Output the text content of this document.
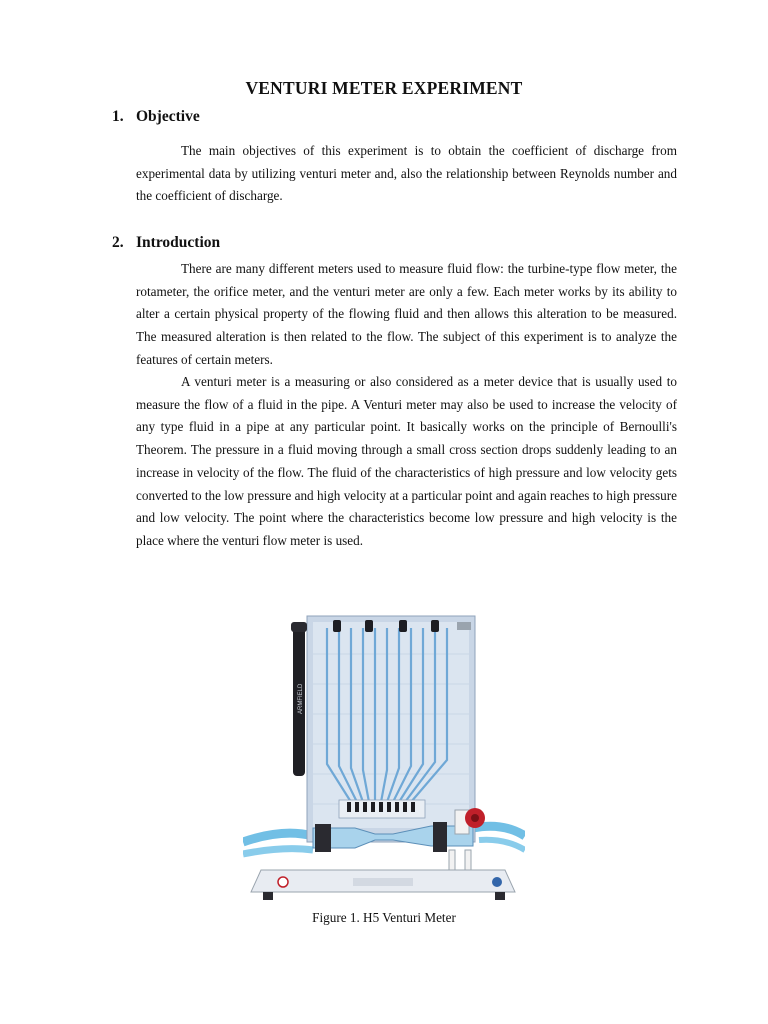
VENTURI METER EXPERIMENT
1. Objective

The main objectives of this experiment is to obtain the coefficient of discharge from experimental data by utilizing venturi meter and, also the relationship between Reynolds number and the coefficient of discharge.

2. Introduction

There are many different meters used to measure fluid flow: the turbine-type flow meter, the rotameter, the orifice meter, and the venturi meter are only a few. Each meter works by its ability to alter a certain physical property of the flowing fluid and then allows this alteration to be measured. The measured alteration is then related to the flow. The subject of this experiment is to analyze the features of certain meters.

A venturi meter is a measuring or also considered as a meter device that is usually used to measure the flow of a fluid in the pipe. A Venturi meter may also be used to increase the velocity of any type fluid in a pipe at any particular point. It basically works on the principle of Bernoulli's Theorem. The pressure in a fluid moving through a small cross section drops suddenly leading to an increase in velocity of the flow. The fluid of the characteristics of high pressure and low velocity gets converted to the low pressure and high velocity at a particular point and again reaches to high pressure and low velocity. The point where the characteristics become low pressure and high velocity is the place where the venturi flow meter is used.

ARMFIELD
Figure 1. H5 Venturi Meter
